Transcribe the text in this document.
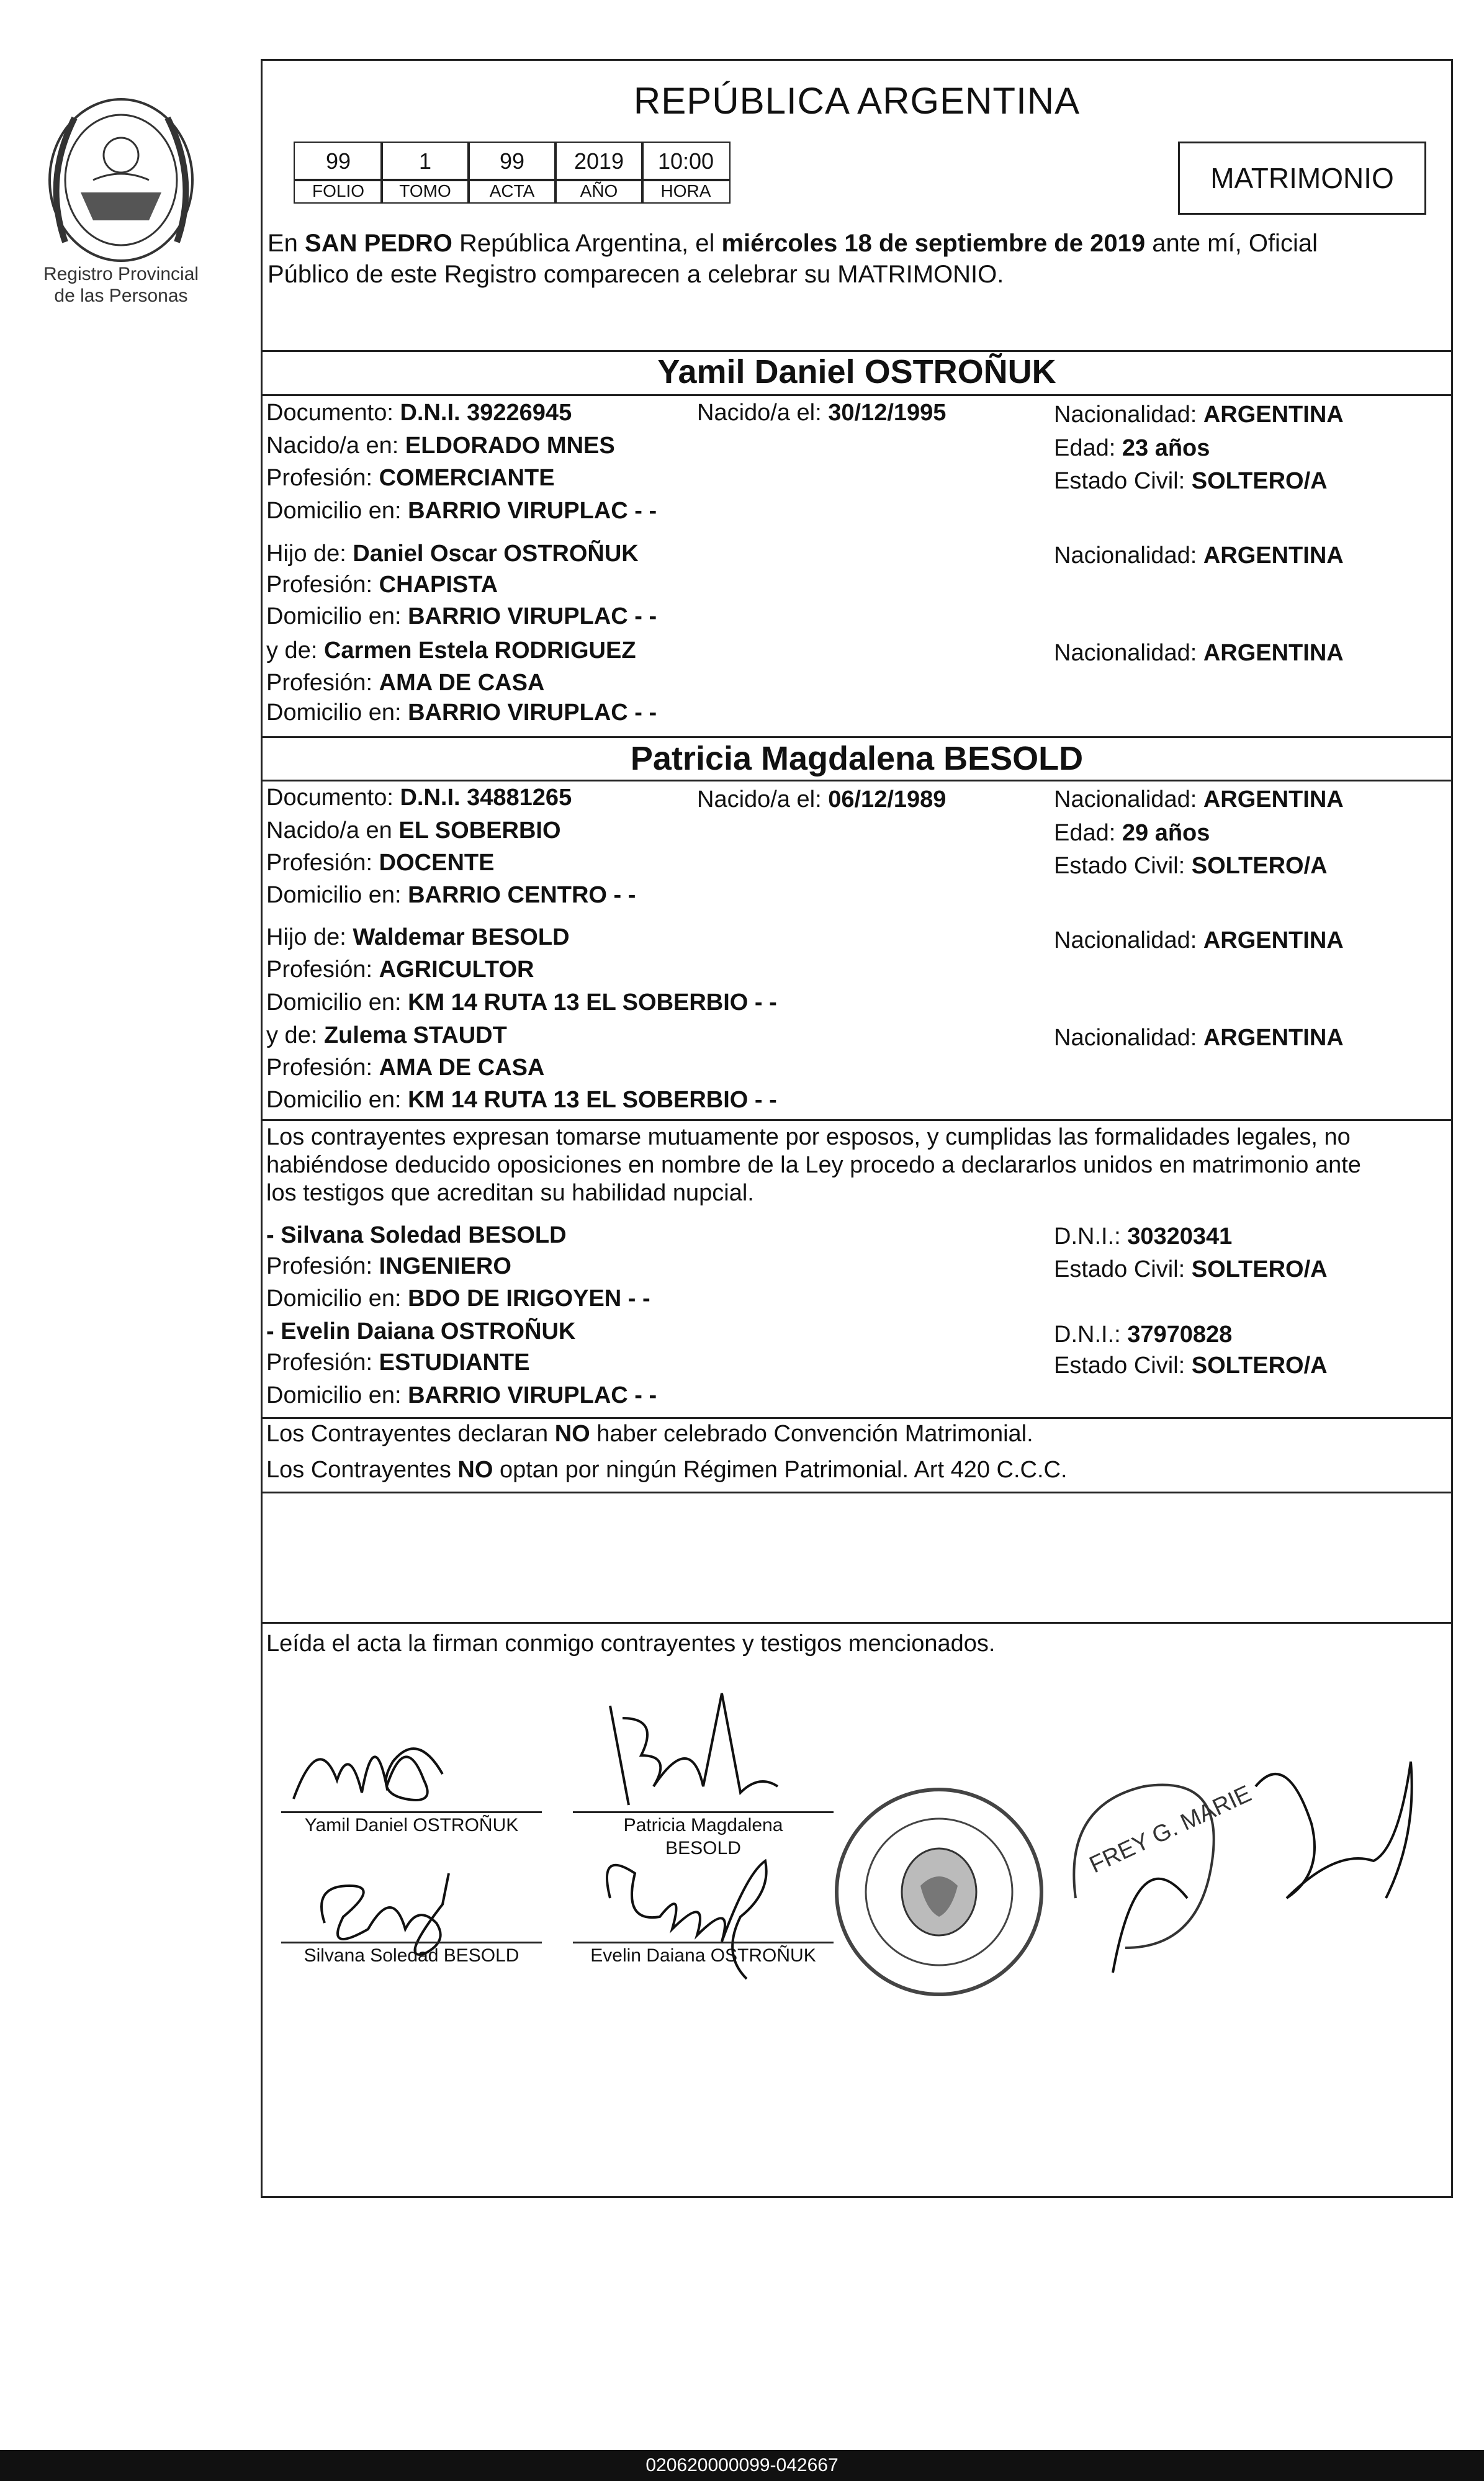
Registro Provincial
de las Personas
REPÚBLICA ARGENTINA
99	1	99	2019	10:00
FOLIO	TOMO	ACTA	AÑO	HORA	MATRIMONIO
En SAN PEDRO República Argentina, el miércoles 18 de septiembre de 2019 ante mí, Oficial
Público de este Registro comparecen a celebrar su MATRIMONIO.
Yamil Daniel OSTROÑUK
Documento: D.N.I. 39226945	Nacido/a el: 30/12/1995	Nacionalidad: ARGENTINA
Nacido/a en: ELDORADO MNES	Edad: 23 años
Profesión: COMERCIANTE	Estado Civil: SOLTERO/A
Domicilio en: BARRIO VIRUPLAC - -
Hijo de: Daniel Oscar OSTROÑUK	Nacionalidad: ARGENTINA
Profesión: CHAPISTA
Domicilio en: BARRIO VIRUPLAC - -
y de: Carmen Estela RODRIGUEZ	Nacionalidad: ARGENTINA
Profesión: AMA DE CASA
Domicilio en: BARRIO VIRUPLAC - -
Patricia Magdalena BESOLD
Documento: D.N.I. 34881265	Nacido/a el: 06/12/1989	Nacionalidad: ARGENTINA
Nacido/a en EL SOBERBIO	Edad: 29 años
Profesión: DOCENTE	Estado Civil: SOLTERO/A
Domicilio en: BARRIO CENTRO - -
Hijo de: Waldemar BESOLD	Nacionalidad: ARGENTINA
Profesión: AGRICULTOR
Domicilio en: KM 14 RUTA 13 EL SOBERBIO - -
y de: Zulema STAUDT	Nacionalidad: ARGENTINA
Profesión: AMA DE CASA
Domicilio en: KM 14 RUTA 13 EL SOBERBIO - -
Los contrayentes expresan tomarse mutuamente por esposos, y cumplidas las formalidades legales, no
habiéndose deducido oposiciones en nombre de la Ley procedo a declararlos unidos en matrimonio ante
los testigos que acreditan su habilidad nupcial.
- Silvana Soledad BESOLD	D.N.I.: 30320341
Profesión: INGENIERO	Estado Civil: SOLTERO/A
Domicilio en: BDO DE IRIGOYEN - -
- Evelin Daiana OSTROÑUK	D.N.I.: 37970828
Profesión: ESTUDIANTE	Estado Civil: SOLTERO/A
Domicilio en: BARRIO VIRUPLAC - -
Los Contrayentes declaran NO haber celebrado Convención Matrimonial.
Los Contrayentes NO optan por ningún Régimen Patrimonial. Art 420 C.C.C.
Leída el acta la firman conmigo contrayentes y testigos mencionados.
Yamil Daniel OSTROÑUK	Patricia Magdalena
BESOLD
Silvana Soledad BESOLD	Evelin Daiana OSTROÑUK
FREY G. MARIE
020620000099-042667
